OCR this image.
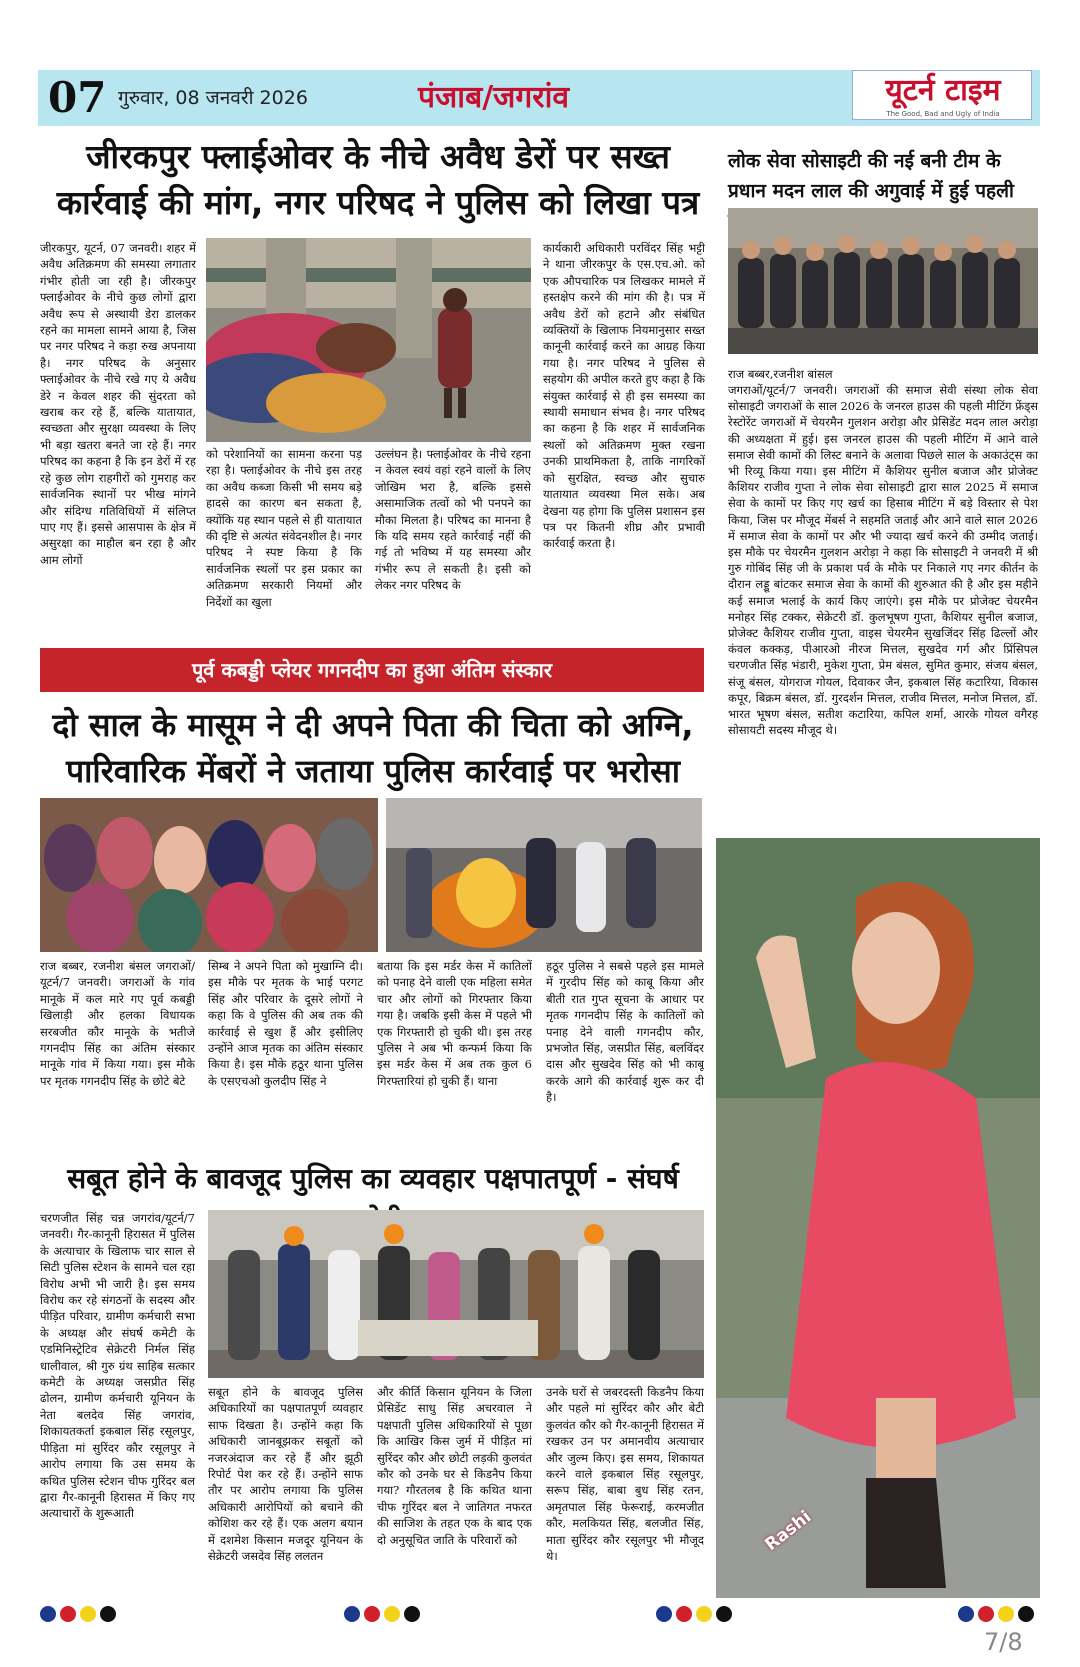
07 गुरुवार, 08 जनवरी 2026	पंजाब/जगरांव	यूटर्न टाइम
The Good, Bad and Ugly of India
जीरकपुर फ्लाईओवर के नीचे अवैध डेरों पर सख्त कार्रवाई की मांग, नगर परिषद ने पुलिस को लिखा पत्र
जीरकपुर, यूटर्न, 07 जनवरी। शहर में अवैध अतिक्रमण की समस्या लगातार गंभीर होती जा रही है। जीरकपुर फ्लाईओवर के नीचे कुछ लोगों द्वारा अवैध रूप से अस्थायी डेरा डालकर रहने का मामला सामने आया है, जिस पर नगर परिषद ने कड़ा रुख अपनाया है। नगर परिषद के अनुसार फ्लाईओवर के नीचे रखे गए ये अवैध डेरे न केवल शहर की सुंदरता को खराब कर रहे हैं, बल्कि यातायात, स्वच्छता और सुरक्षा व्यवस्था के लिए भी बड़ा खतरा बनते जा रहे हैं। नगर परिषद का कहना है कि इन डेरों में रह रहे कुछ लोग राहगीरों को गुमराह कर सार्वजनिक स्थानों पर भीख मांगने और संदिग्ध गतिविधियों में संलिप्त पाए गए हैं। इससे आसपास के क्षेत्र में असुरक्षा का माहौल बन रहा है और आम लोगों
को परेशानियों का सामना करना पड़ रहा है। फ्लाईओवर के नीचे इस तरह का अवैध कब्जा किसी भी समय बड़े हादसे का कारण बन सकता है, क्योंकि यह स्थान पहले से ही यातायात की दृष्टि से अत्यंत संवेदनशील है। नगर परिषद ने स्पष्ट किया है कि सार्वजनिक स्थलों पर इस प्रकार का अतिक्रमण सरकारी नियमों और निर्देशों का खुला
उल्लंघन है। फ्लाईओवर के नीचे रहना न केवल स्वयं वहां रहने वालों के लिए जोखिम भरा है, बल्कि इससे असामाजिक तत्वों को भी पनपने का मौका मिलता है। परिषद का मानना है कि यदि समय रहते कार्रवाई नहीं की गई तो भविष्य में यह समस्या और गंभीर रूप ले सकती है। इसी को लेकर नगर परिषद के
कार्यकारी अधिकारी परविंदर सिंह भट्टी ने थाना जीरकपुर के एस.एच.ओ. को एक औपचारिक पत्र लिखकर मामले में हस्तक्षेप करने की मांग की है। पत्र में अवैध डेरों को हटाने और संबंधित व्यक्तियों के खिलाफ नियमानुसार सख्त कानूनी कार्रवाई करने का आग्रह किया गया है। नगर परिषद ने पुलिस से सहयोग की अपील करते हुए कहा है कि संयुक्त कार्रवाई से ही इस समस्या का स्थायी समाधान संभव है। नगर परिषद का कहना है कि शहर में सार्वजनिक स्थलों को अतिक्रमण मुक्त रखना उनकी प्राथमिकता है, ताकि नागरिकों को सुरक्षित, स्वच्छ और सुचारु यातायात व्यवस्था मिल सके। अब देखना यह होगा कि पुलिस प्रशासन इस पत्र पर कितनी शीघ्र और प्रभावी कार्रवाई करता है।
लोक सेवा सोसाइटी की नई बनी टीम के प्रधान मदन लाल की अगुवाई में हुई पहली
राज बब्बर,रजनीश बांसल
जगराओं/यूटर्न/7 जनवरी। जगराओं की समाज सेवी संस्था लोक सेवा सोसाइटी जगराओं के साल 2026 के जनरल हाउस की पहली मीटिंग फ्रेंड्स रेस्टोरेंट जगराओं में चेयरमैन गुलशन अरोड़ा और प्रेसिडेंट मदन लाल अरोड़ा की अध्यक्षता में हुई। इस जनरल हाउस की पहली मीटिंग में आने वाले समाज सेवी कामों की लिस्ट बनाने के अलावा पिछले साल के अकाउंट्स का भी रिव्यू किया गया। इस मीटिंग में कैशियर सुनील बजाज और प्रोजेक्ट कैशियर राजीव गुप्ता ने लोक सेवा सोसाइटी द्वारा साल 2025 में समाज सेवा के कामों पर किए गए खर्च का हिसाब मीटिंग में बड़े विस्तार से पेश किया, जिस पर मौजूद मेंबर्स ने सहमति जताई और आने वाले साल 2026 में समाज सेवा के कामों पर और भी ज्यादा खर्च करने की उम्मीद जताई। इस मौके पर चेयरमैन गुलशन अरोड़ा ने कहा कि सोसाइटी ने जनवरी में श्री गुरु गोबिंद सिंह जी के प्रकाश पर्व के मौके पर निकाले गए नगर कीर्तन के दौरान लड्डू बांटकर समाज सेवा के कामों की शुरुआत की है और इस महीने कई समाज भलाई के कार्य किए जाएंगे। इस मौके पर प्रोजेक्ट चेयरमैन मनोहर सिंह टक्कर, सेक्रेटरी डॉ. कुलभूषण गुप्ता, कैशियर सुनील बजाज, प्रोजेक्ट कैशियर राजीव गुप्ता, वाइस चेयरमैन सुखजिंदर सिंह ढिल्लों और कंवल कक्कड़, पीआरओ नीरज मित्तल, सुखदेव गर्ग और प्रिंसिपल चरणजीत सिंह भंडारी, मुकेश गुप्ता, प्रेम बंसल, सुमित कुमार, संजय बंसल, संजू बंसल, योगराज गोयल, दिवाकर जैन, इकबाल सिंह कटारिया, विकास कपूर, बिक्रम बंसल, डॉ. गुरदर्शन मित्तल, राजीव मित्तल, मनोज मित्तल, डॉ. भारत भूषण बंसल, सतीश कटारिया, कपिल शर्मा, आरके गोयल वगैरह सोसायटी सदस्य मौजूद थे।
पूर्व कबड्डी प्लेयर गगनदीप का हुआ अंतिम संस्कार
दो साल के मासूम ने दी अपने पिता की चिता को अग्नि, पारिवारिक मेंबरों ने जताया पुलिस कार्रवाई पर भरोसा
राज बब्बर, रजनीश बंसल जगराओं/यूटर्न/7 जनवरी। जगराओं के गांव मानूके में कल मारे गए पूर्व कबड्डी खिलाड़ी और हलका विधायक सरबजीत कौर मानूके के भतीजे गगनदीप सिंह का अंतिम संस्कार मानूके गांव में किया गया। इस मौके पर मृतक गगनदीप सिंह के छोटे बेटे
सिम्ब ने अपने पिता को मुखाग्नि दी। इस मौके पर मृतक के भाई परगट सिंह और परिवार के दूसरे लोगों ने कहा कि वे पुलिस की अब तक की कार्रवाई से खुश हैं और इसीलिए उन्होंने आज मृतक का अंतिम संस्कार किया है। इस मौके हठूर थाना पुलिस के एसएचओ कुलदीप सिंह ने
बताया कि इस मर्डर केस में कातिलों को पनाह देने वाली एक महिला समेत चार और लोगों को गिरफ्तार किया गया है। जबकि इसी केस में पहले भी एक गिरफ्तारी हो चुकी थी। इस तरह पुलिस ने अब भी कन्फर्म किया कि इस मर्डर केस में अब तक कुल 6 गिरफ्तारियां हो चुकी हैं। थाना
हठूर पुलिस ने सबसे पहले इस मामले में गुरदीप सिंह को काबू किया और बीती रात गुप्त सूचना के आधार पर मृतक गगनदीप सिंह के कातिलों को पनाह देने वाली गगनदीप कौर, प्रभजोत सिंह, जसप्रीत सिंह, बलविंदर दास और सुखदेव सिंह को भी काबू करके आगे की कार्रवाई शुरू कर दी है।
सबूत होने के बावजूद पुलिस का व्यवहार पक्षपातपूर्ण - संघर्ष
चरणजीत सिंह चन्न जगरांव/यूटर्न/7 जनवरी। गैर-कानूनी हिरासत में पुलिस के अत्याचार के खिलाफ चार साल से सिटी पुलिस स्टेशन के सामने चल रहा विरोध अभी भी जारी है। इस समय विरोध कर रहे संगठनों के सदस्य और पीड़ित परिवार, ग्रामीण कर्मचारी सभा के अध्यक्ष और संघर्ष कमेटी के एडमिनिस्ट्रेटिव सेक्रेटरी निर्मल सिंह धालीवाल, श्री गुरु ग्रंथ साहिब सत्कार कमेटी के अध्यक्ष जसप्रीत सिंह ढोलन, ग्रामीण कर्मचारी यूनियन के नेता बलदेव सिंह जगरांव, शिकायतकर्ता इकबाल सिंह रसूलपुर, पीड़िता मां सुरिंदर कौर रसूलपुर ने आरोप लगाया कि उस समय के कथित पुलिस स्टेशन चीफ गुरिंदर बल द्वारा गैर-कानूनी हिरासत में किए गए अत्याचारों के शुरूआती
सबूत होने के बावजूद पुलिस अधिकारियों का पक्षपातपूर्ण व्यवहार साफ दिखता है। उन्होंने कहा कि अधिकारी जानबूझकर सबूतों को नजरअंदाज कर रहे हैं और झूठी रिपोर्ट पेश कर रहे हैं। उन्होंने साफ तौर पर आरोप लगाया कि पुलिस अधिकारी आरोपियों को बचाने की कोशिश कर रहे हैं। एक अलग बयान में दशमेश किसान मजदूर यूनियन के सेक्रेटरी जसदेव सिंह ललतन
और कीर्ति किसान यूनियन के जिला प्रेसिडेंट साधु सिंह अचरवाल ने पक्षपाती पुलिस अधिकारियों से पूछा कि आखिर किस जुर्म में पीड़ित मां सुरिंदर कौर और छोटी लड़की कुलवंत कौर को उनके घर से किडनैप किया गया? गौरतलब है कि कथित थाना चीफ गुरिंदर बल ने जातिगत नफरत की साजिश के तहत एक के बाद एक दो अनुसूचित जाति के परिवारों को
उनके घरों से जबरदस्ती किडनैप किया और पहले मां सुरिंदर कौर और बेटी कुलवंत कौर को गैर-कानूनी हिरासत में रखकर उन पर अमानवीय अत्याचार और जुल्म किए। इस समय, शिकायत करने वाले इकबाल सिंह रसूलपुर, सरूप सिंह, बाबा बुध सिंह रतन, अमृतपाल सिंह फेरूराई, करमजीत कौर, मलकियत सिंह, बलजीत सिंह, माता सुरिंदर कौर रसूलपुर भी मौजूद थे।
Rashi
7/8
